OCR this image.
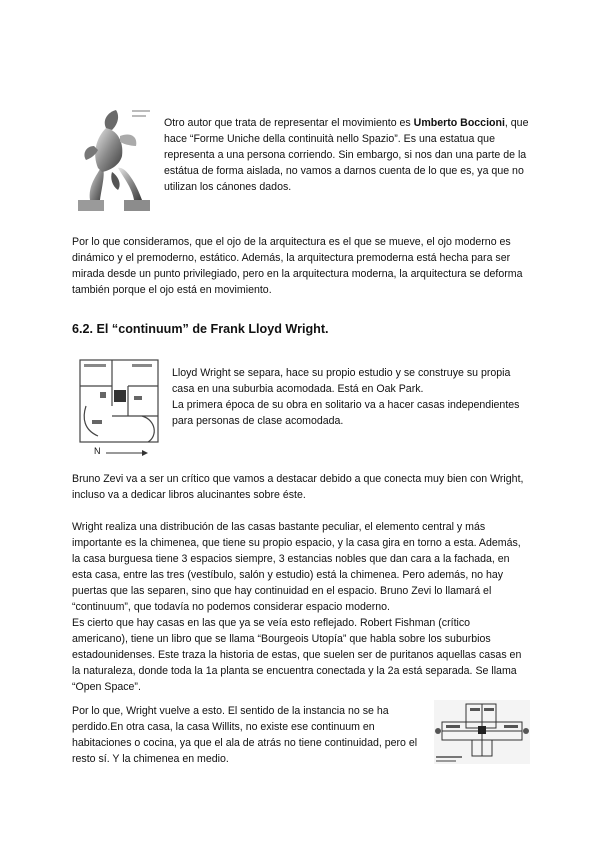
Otro autor que trata de representar el movimiento es Umberto Boccioni, que hace “Forme Uniche della continuità nello Spazio”. Es una estatua que representa a una persona corriendo. Sin embargo, si nos dan una parte de la estátua de forma aislada, no vamos a darnos cuenta de lo que es, ya que no utilizan los cánones dados.

Por lo que consideramos, que el ojo de la arquitectura es el que se mueve, el ojo moderno es dinámico y el premoderno, estático. Además, la arquitectura premoderna está hecha para ser mirada desde un punto privilegiado, pero en la arquitectura moderna, la arquitectura se deforma también porque el ojo está en movimiento.

6.2. El “continuum” de Frank Lloyd Wright.

N
Lloyd Wright se separa, hace su propio estudio y se construye su propia casa en una suburbia acomodada. Está en Oak Park.
La primera época de su obra en solitario va a hacer casas independientes para personas de clase acomodada.

Bruno Zevi va a ser un crítico que vamos a destacar debido a que conecta muy bien con Wright, incluso va a dedicar libros alucinantes sobre éste.

Wright realiza una distribución de las casas bastante peculiar, el elemento central y más importante es la chimenea, que tiene su propio espacio, y la casa gira en torno a esta. Además, la casa burguesa tiene 3 espacios siempre, 3 estancias nobles que dan cara a la fachada, en esta casa, entre las tres (vestíbulo, salón y estudio) está la chimenea. Pero además, no hay puertas que las separen, sino que hay continuidad en el espacio. Bruno Zevi lo llamará el “continuum”, que todavía no podemos considerar espacio moderno.

Es cierto que hay casas en las que ya se veía esto reflejado. Robert Fishman (crítico americano), tiene un libro que se llama “Bourgeois Utopía” que habla sobre los suburbios estadounidenses. Este traza la historia de estas, que suelen ser de puritanos aquellas casas en la naturaleza, donde toda la 1a planta se encuentra conectada y la 2a está separada. Se llama “Open Space”.

Por lo que, Wright vuelve a esto. El sentido de la instancia no se ha perdido.En otra casa, la casa Willits, no existe ese continuum en habitaciones o cocina, ya que el ala de atrás no tiene continuidad, pero el resto sí. Y la chimenea en medio.
